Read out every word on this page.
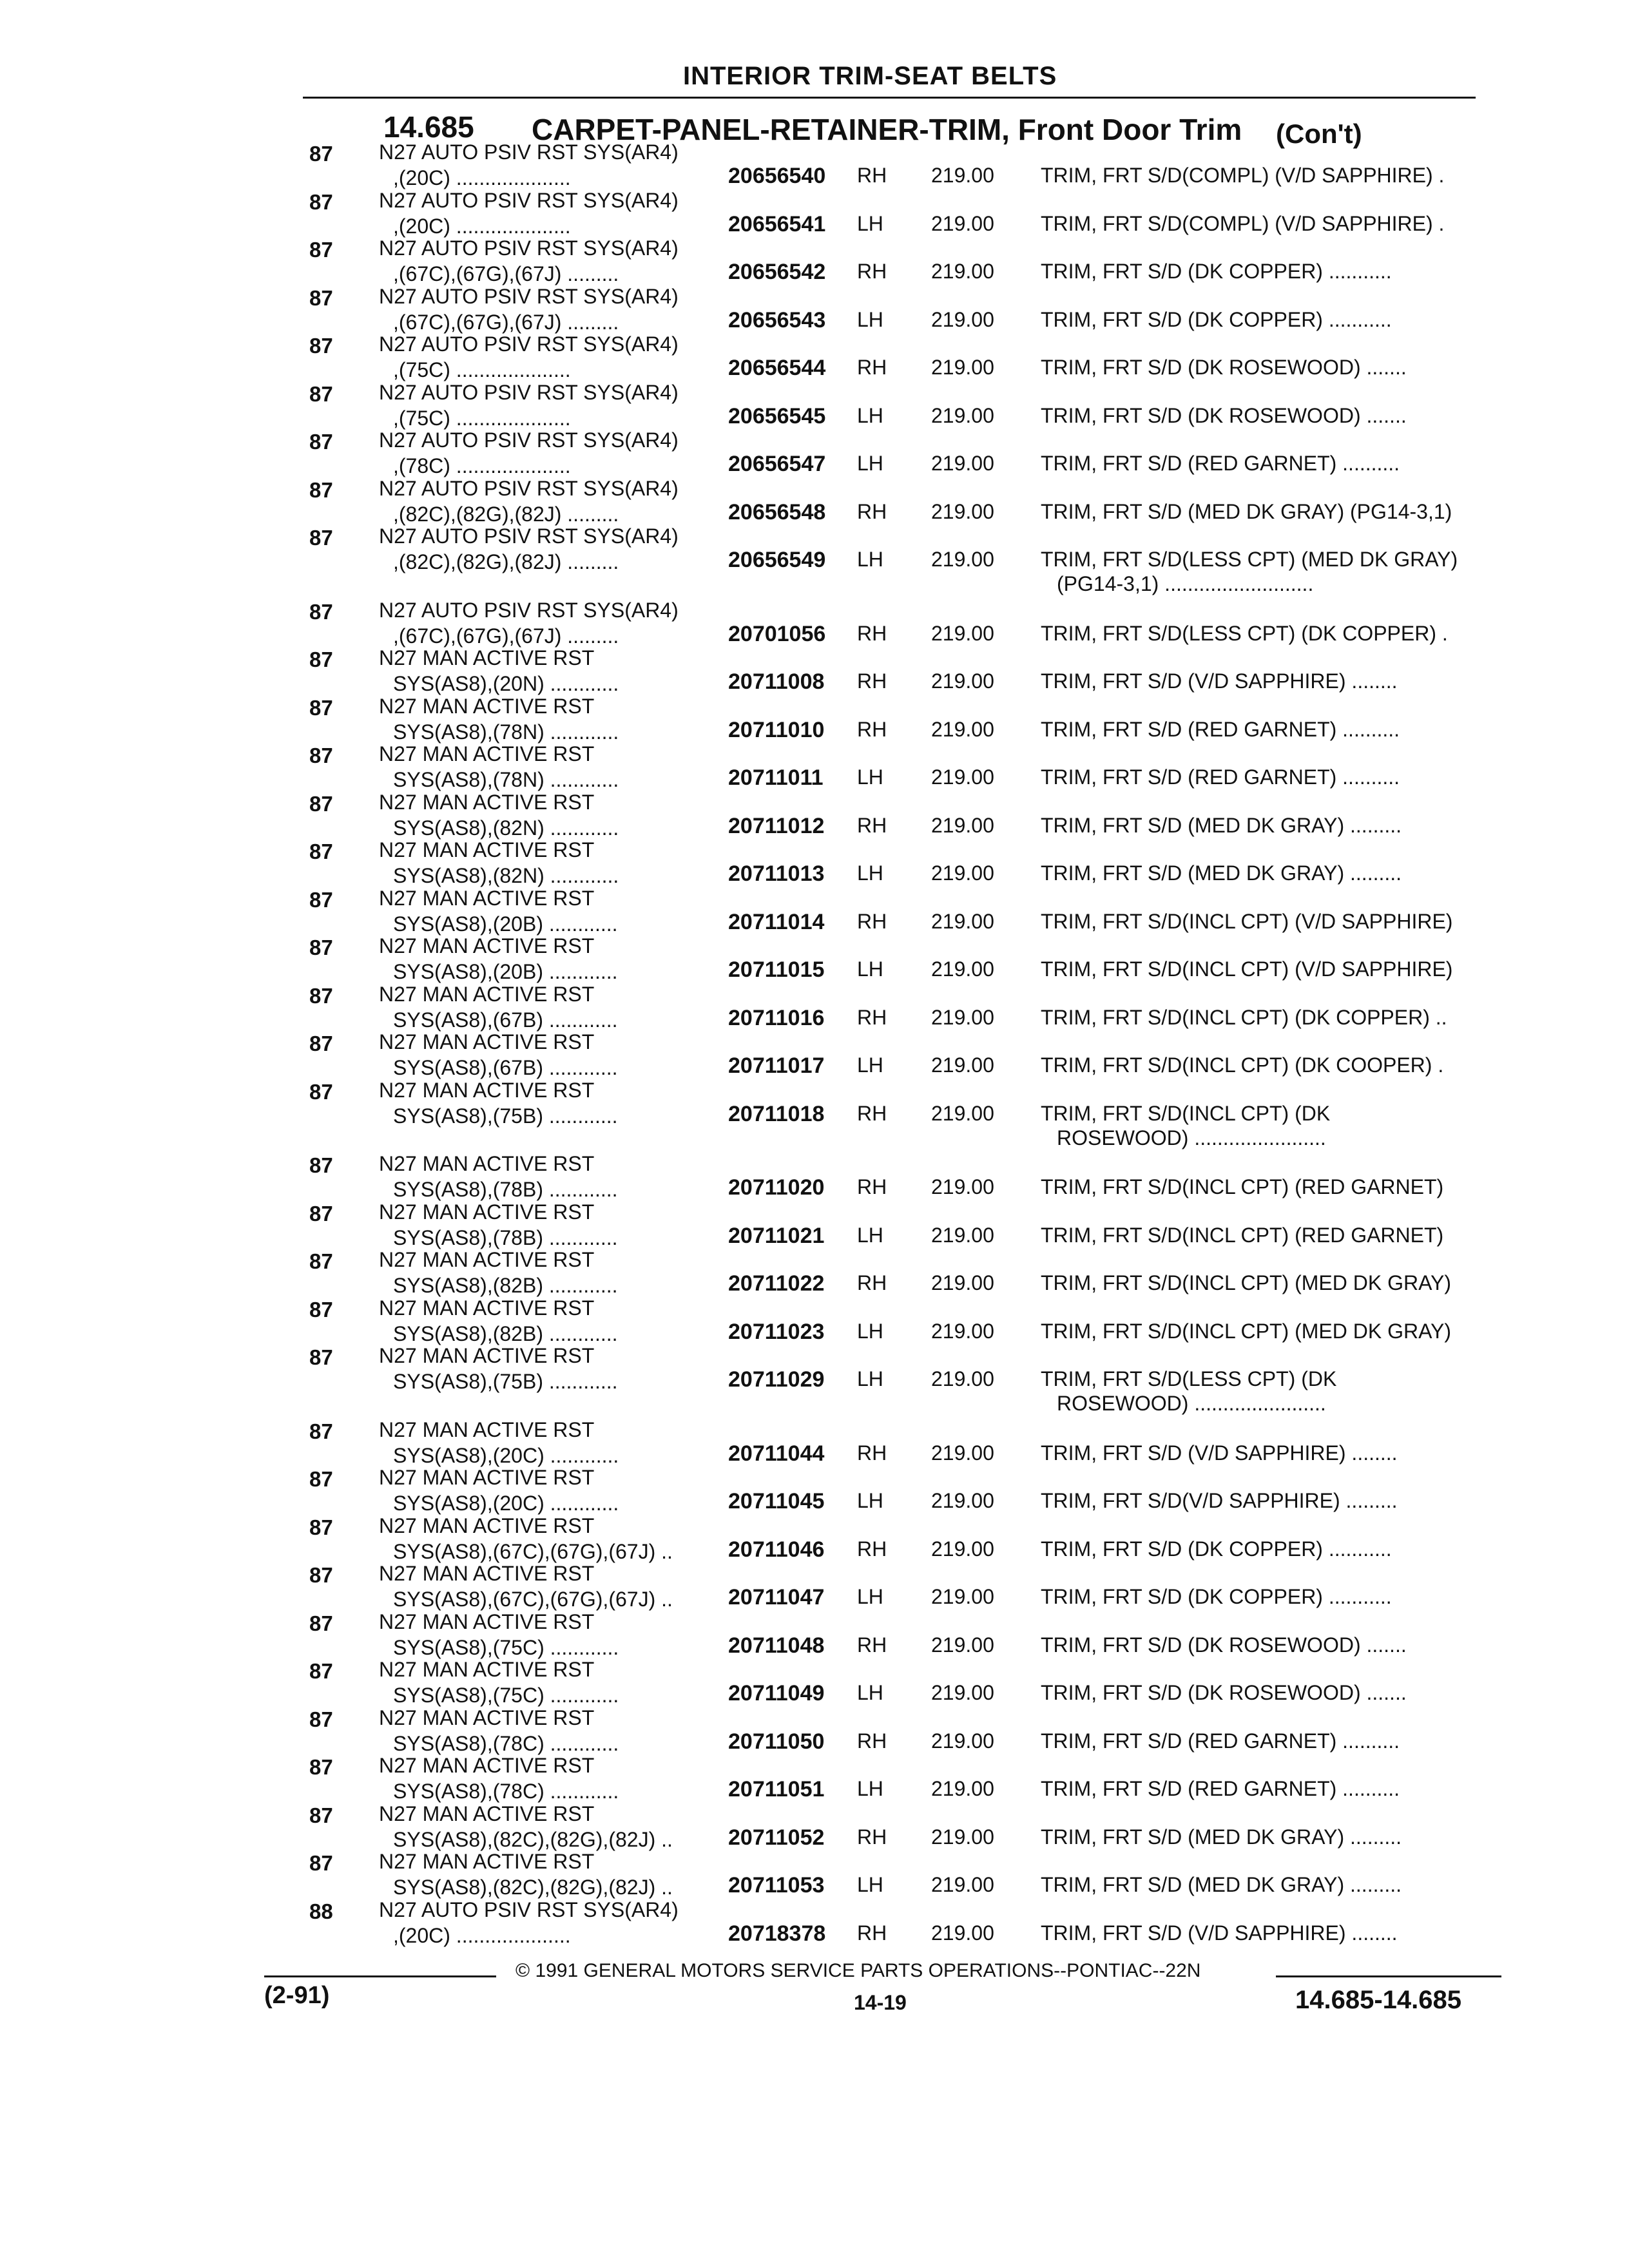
INTERIOR TRIM-SEAT BELTS
14.685 CARPET-PANEL-RETAINER-TRIM, Front Door Trim (Con't)
87 N27 AUTO PSIV RST SYS(AR4)
,(20C) ....................	20656540 RH 219.00 TRIM, FRT S/D(COMPL) (V/D SAPPHIRE) .
87 N27 AUTO PSIV RST SYS(AR4)
,(20C) ....................	20656541 LH 219.00 TRIM, FRT S/D(COMPL) (V/D SAPPHIRE) .
87 N27 AUTO PSIV RST SYS(AR4)
,(67C),(67G),(67J) .........	20656542 RH 219.00 TRIM, FRT S/D (DK COPPER) ...........
87 N27 AUTO PSIV RST SYS(AR4)
,(67C),(67G),(67J) .........	20656543 LH 219.00 TRIM, FRT S/D (DK COPPER) ...........
87 N27 AUTO PSIV RST SYS(AR4)
,(75C) ....................	20656544 RH 219.00 TRIM, FRT S/D (DK ROSEWOOD) .......
87 N27 AUTO PSIV RST SYS(AR4)
,(75C) ....................	20656545 LH 219.00 TRIM, FRT S/D (DK ROSEWOOD) .......
87 N27 AUTO PSIV RST SYS(AR4)
,(78C) ....................	20656547 LH 219.00 TRIM, FRT S/D (RED GARNET) ..........
87 N27 AUTO PSIV RST SYS(AR4)
,(82C),(82G),(82J) .........	20656548 RH 219.00 TRIM, FRT S/D (MED DK GRAY) (PG14-3,1)
87 N27 AUTO PSIV RST SYS(AR4)
,(82C),(82G),(82J) .........	20656549 LH 219.00 TRIM, FRT S/D(LESS CPT) (MED DK GRAY)
(PG14-3,1) ..........................
87 N27 AUTO PSIV RST SYS(AR4)
,(67C),(67G),(67J) .........	20701056 RH 219.00 TRIM, FRT S/D(LESS CPT) (DK COPPER) .
87 N27 MAN ACTIVE RST
SYS(AS8),(20N) ............	20711008 RH 219.00 TRIM, FRT S/D (V/D SAPPHIRE) ........
87 N27 MAN ACTIVE RST
SYS(AS8),(78N) ............	20711010 RH 219.00 TRIM, FRT S/D (RED GARNET) ..........
87 N27 MAN ACTIVE RST
SYS(AS8),(78N) ............	20711011 LH 219.00 TRIM, FRT S/D (RED GARNET) ..........
87 N27 MAN ACTIVE RST
SYS(AS8),(82N) ............	20711012 RH 219.00 TRIM, FRT S/D (MED DK GRAY) .........
87 N27 MAN ACTIVE RST
SYS(AS8),(82N) ............	20711013 LH 219.00 TRIM, FRT S/D (MED DK GRAY) .........
87 N27 MAN ACTIVE RST
SYS(AS8),(20B) ............	20711014 RH 219.00 TRIM, FRT S/D(INCL CPT) (V/D SAPPHIRE)
87 N27 MAN ACTIVE RST
SYS(AS8),(20B) ............	20711015 LH 219.00 TRIM, FRT S/D(INCL CPT) (V/D SAPPHIRE)
87 N27 MAN ACTIVE RST
SYS(AS8),(67B) ............	20711016 RH 219.00 TRIM, FRT S/D(INCL CPT) (DK COPPER) ..
87 N27 MAN ACTIVE RST
SYS(AS8),(67B) ............	20711017 LH 219.00 TRIM, FRT S/D(INCL CPT) (DK COOPER) .
87 N27 MAN ACTIVE RST
SYS(AS8),(75B) ............	20711018 RH 219.00 TRIM, FRT S/D(INCL CPT) (DK
ROSEWOOD) .......................
87 N27 MAN ACTIVE RST
SYS(AS8),(78B) ............	20711020 RH 219.00 TRIM, FRT S/D(INCL CPT) (RED GARNET)
87 N27 MAN ACTIVE RST
SYS(AS8),(78B) ............	20711021 LH 219.00 TRIM, FRT S/D(INCL CPT) (RED GARNET)
87 N27 MAN ACTIVE RST
SYS(AS8),(82B) ............	20711022 RH 219.00 TRIM, FRT S/D(INCL CPT) (MED DK GRAY)
87 N27 MAN ACTIVE RST
SYS(AS8),(82B) ............	20711023 LH 219.00 TRIM, FRT S/D(INCL CPT) (MED DK GRAY)
87 N27 MAN ACTIVE RST
SYS(AS8),(75B) ............	20711029 LH 219.00 TRIM, FRT S/D(LESS CPT) (DK
ROSEWOOD) .......................
87 N27 MAN ACTIVE RST
SYS(AS8),(20C) ............	20711044 RH 219.00 TRIM, FRT S/D (V/D SAPPHIRE) ........
87 N27 MAN ACTIVE RST
SYS(AS8),(20C) ............	20711045 LH 219.00 TRIM, FRT S/D(V/D SAPPHIRE) .........
87 N27 MAN ACTIVE RST
SYS(AS8),(67C),(67G),(67J) ..	20711046 RH 219.00 TRIM, FRT S/D (DK COPPER) ...........
87 N27 MAN ACTIVE RST
SYS(AS8),(67C),(67G),(67J) ..	20711047 LH 219.00 TRIM, FRT S/D (DK COPPER) ...........
87 N27 MAN ACTIVE RST
SYS(AS8),(75C) ............	20711048 RH 219.00 TRIM, FRT S/D (DK ROSEWOOD) .......
87 N27 MAN ACTIVE RST
SYS(AS8),(75C) ............	20711049 LH 219.00 TRIM, FRT S/D (DK ROSEWOOD) .......
87 N27 MAN ACTIVE RST
SYS(AS8),(78C) ............	20711050 RH 219.00 TRIM, FRT S/D (RED GARNET) ..........
87 N27 MAN ACTIVE RST
SYS(AS8),(78C) ............	20711051 LH 219.00 TRIM, FRT S/D (RED GARNET) ..........
87 N27 MAN ACTIVE RST
SYS(AS8),(82C),(82G),(82J) ..	20711052 RH 219.00 TRIM, FRT S/D (MED DK GRAY) .........
87 N27 MAN ACTIVE RST
SYS(AS8),(82C),(82G),(82J) ..	20711053 LH 219.00 TRIM, FRT S/D (MED DK GRAY) .........
88 N27 AUTO PSIV RST SYS(AR4)
,(20C) ....................	20718378 RH 219.00 TRIM, FRT S/D (V/D SAPPHIRE) ........
© 1991 GENERAL MOTORS SERVICE PARTS OPERATIONS--PONTIAC--22N
(2-91)	14-19	14.685-14.685
